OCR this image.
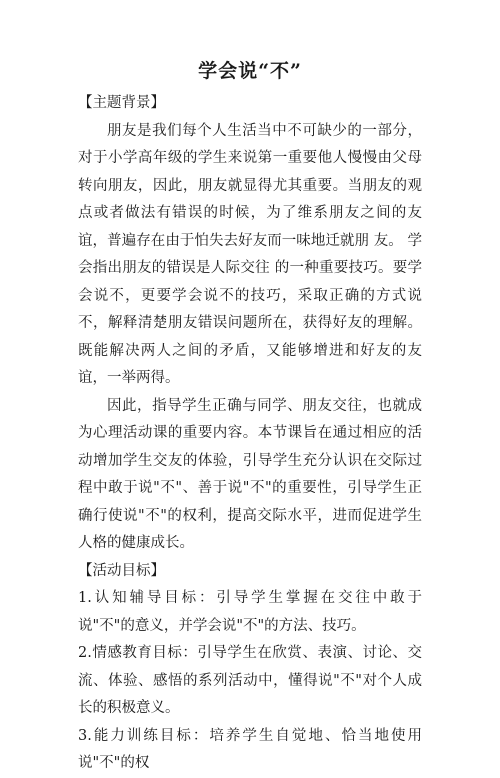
学会说“不”

【主题背景】

朋友是我们每个人生活当中不可缺少的一部分，对于小学高年级的学生来说第一重要他人慢慢由父母转向朋友，因此，朋友就显得尤其重要。当朋友的观点或者做法有错误的时候，为了维系朋友之间的友谊，普遍存在由于怕失去好友而一味地迁就朋 友。 学会指出朋友的错误是人际交往 的一种重要技巧。要学会说不，更要学会说不的技巧，采取正确的方式说不，解释清楚朋友错误问题所在，获得好友的理解。既能解决两人之间的矛盾，又能够增进和好友的友谊，一举两得。

因此，指导学生正确与同学、朋友交往，也就成为心理活动课的重要内容。本节课旨在通过相应的活动增加学生交友的体验，引导学生充分认识在交际过程中敢于说"不"、善于说"不"的重要性，引导学生正确行使说"不"的权利，提高交际水平，进而促进学生人格的健康成长。

【活动目标】

1.认知辅导目标：引导学生掌握在交往中敢于说"不"的意义，并学会说"不"的方法、技巧。

2.情感教育目标：引导学生在欣赏、表演、讨论、交流、体验、感悟的系列活动中，懂得说"不"对个人成长的积极意义。

3.能力训练目标：培养学生自觉地、恰当地使用说"不"的权
